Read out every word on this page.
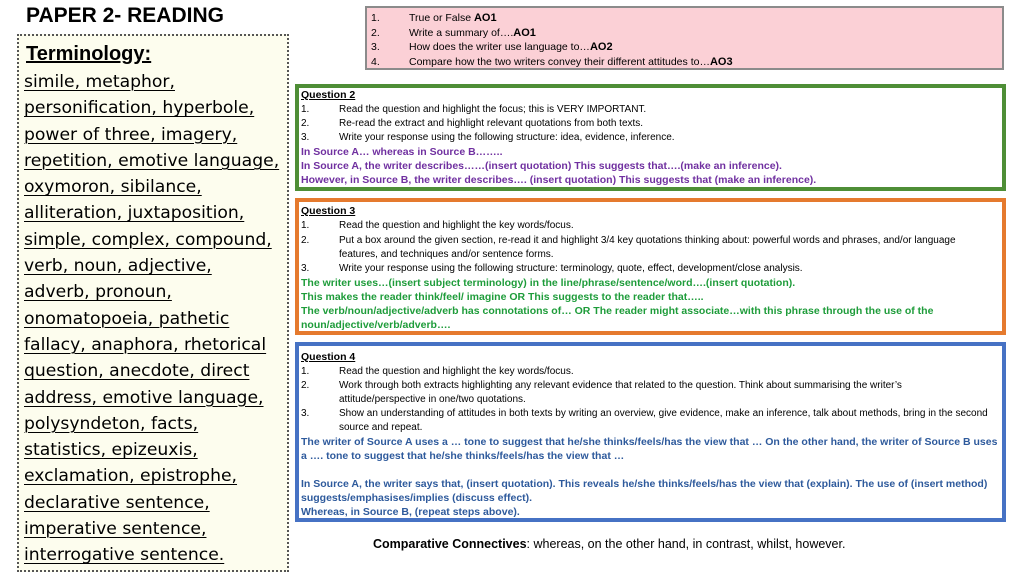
PAPER 2- READING
Terminology:
simile, metaphor,
personification, hyperbole,
power of three, imagery,
repetition, emotive language,
oxymoron, sibilance,
alliteration, juxtaposition,
simple, complex, compound,
verb, noun, adjective,
adverb, pronoun,
onomatopoeia, pathetic
fallacy, anaphora, rhetorical
question, anecdote, direct
address, emotive language,
polysyndeton, facts,
statistics, epizeuxis,
exclamation, epistrophe,
declarative sentence,
imperative sentence,
interrogative sentence.
1.	True or False AO1
2.	Write a summary of….AO1
3.	How does the writer use language to…AO2
4.	Compare how the two writers convey their different attitudes to…AO3
Question 2
1.	Read the question and highlight the focus; this is VERY IMPORTANT.
2.	Re-read the extract and highlight relevant quotations from both texts.
3.	Write your response using the following structure: idea, evidence, inference.
In Source A… whereas in Source B……..
In Source A, the writer describes……(insert quotation) This suggests that….(make an inference).
However, in Source B, the writer describes…. (insert quotation) This suggests that (make an inference).
Question 3
1.	Read the question and highlight the key words/focus.
2.	Put a box around the given section, re-read it and highlight 3/4 key quotations thinking about: powerful words and phrases, and/or language features, and techniques and/or sentence forms.
3.	Write your response using the following structure: terminology, quote, effect, development/close analysis.
The writer uses…(insert subject terminology) in the line/phrase/sentence/word….(insert quotation).
This makes the reader think/feel/ imagine OR This suggests to the reader that…..
The verb/noun/adjective/adverb has connotations of… OR The reader might associate…with this phrase through the use of the noun/adjective/verb/adverb….
Question 4
1.	Read the question and highlight the key words/focus.
2.	Work through both extracts highlighting any relevant evidence that related to the question. Think about summarising the writer’s attitude/perspective in one/two quotations.
3.	Show an understanding of attitudes in both texts by writing an overview, give evidence, make an inference, talk about methods, bring in the second source and repeat.
The writer of Source A uses a … tone to suggest that he/she thinks/feels/has the view that … On the other hand, the writer of Source B uses a …. tone to suggest that he/she thinks/feels/has the view that …
In Source A, the writer says that, (insert quotation). This reveals he/she thinks/feels/has the view that (explain). The use of (insert method) suggests/emphasises/implies (discuss effect).
Whereas, in Source B, (repeat steps above).
Comparative Connectives: whereas, on the other hand, in contrast, whilst, however.
